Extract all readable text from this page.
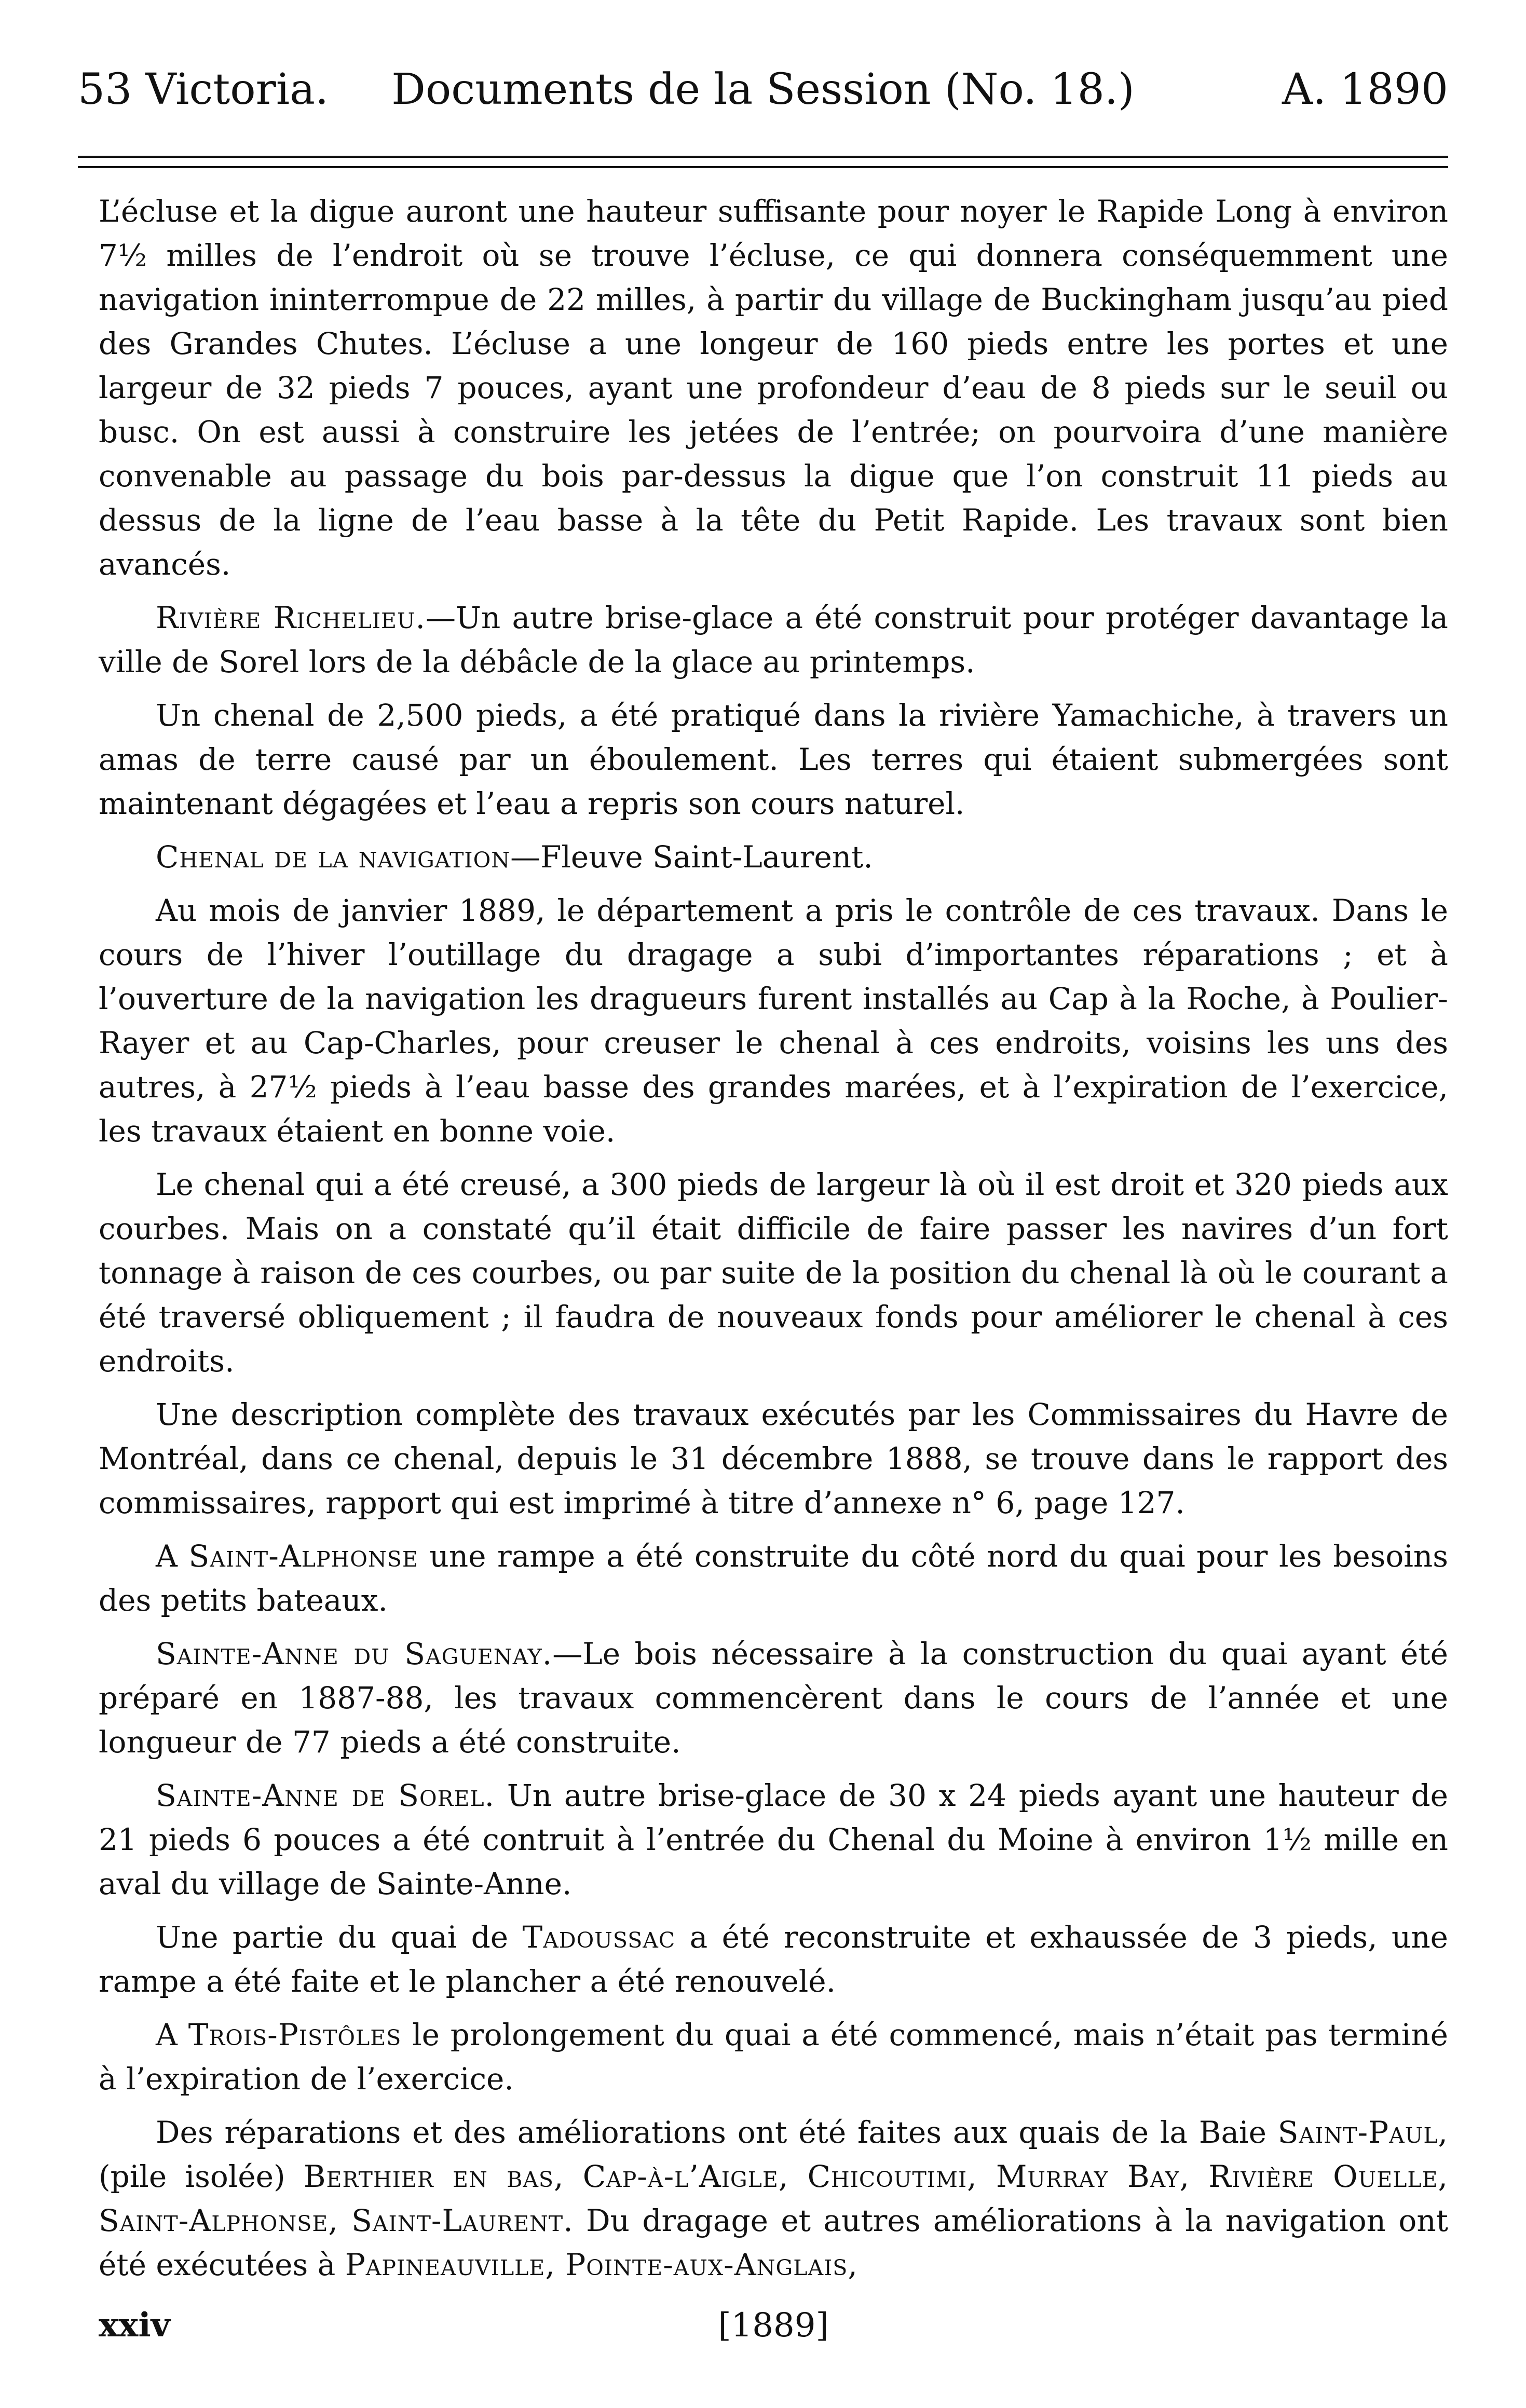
53 Victoria. Documents de la Session (No. 18.)	A. 1890

L’écluse et la digue auront une hauteur suffisante pour noyer le Rapide Long à environ 7½ milles de l’endroit où se trouve l’écluse, ce qui donnera conséquemment une navigation ininterrompue de 22 milles, à partir du village de Buckingham jusqu’au pied des Grandes Chutes. L’écluse a une longeur de 160 pieds entre les portes et une largeur de 32 pieds 7 pouces, ayant une profondeur d’eau de 8 pieds sur le seuil ou busc. On est aussi à construire les jetées de l’entrée; on pourvoira d’une manière convenable au passage du bois par-dessus la digue que l’on construit 11 pieds au dessus de la ligne de l’eau basse à la tête du Petit Rapide. Les travaux sont bien avancés.

Rivière Richelieu.—Un autre brise-glace a été construit pour protéger davantage la ville de Sorel lors de la débâcle de la glace au printemps.

Un chenal de 2,500 pieds, a été pratiqué dans la rivière Yamachiche, à travers un amas de terre causé par un éboulement. Les terres qui étaient submergées sont maintenant dégagées et l’eau a repris son cours naturel.

Chenal de la navigation—Fleuve Saint-Laurent.

Au mois de janvier 1889, le département a pris le contrôle de ces travaux. Dans le cours de l’hiver l’outillage du dragage a subi d’importantes réparations ; et à l’ouverture de la navigation les dragueurs furent installés au Cap à la Roche, à Poulier-Rayer et au Cap-Charles, pour creuser le chenal à ces endroits, voisins les uns des autres, à 27½ pieds à l’eau basse des grandes marées, et à l’expiration de l’exercice, les travaux étaient en bonne voie.

Le chenal qui a été creusé, a 300 pieds de largeur là où il est droit et 320 pieds aux courbes. Mais on a constaté qu’il était difficile de faire passer les navires d’un fort tonnage à raison de ces courbes, ou par suite de la position du chenal là où le courant a été traversé obliquement ; il faudra de nouveaux fonds pour améliorer le chenal à ces endroits.

Une description complète des travaux exécutés par les Commissaires du Havre de Montréal, dans ce chenal, depuis le 31 décembre 1888, se trouve dans le rapport des commissaires, rapport qui est imprimé à titre d’annexe n° 6, page 127.

A Saint-Alphonse une rampe a été construite du côté nord du quai pour les besoins des petits bateaux.

Sainte-Anne du Saguenay.—Le bois nécessaire à la construction du quai ayant été préparé en 1887-88, les travaux commencèrent dans le cours de l’année et une longueur de 77 pieds a été construite.

Sainte-Anne de Sorel. Un autre brise-glace de 30 x 24 pieds ayant une hauteur de 21 pieds 6 pouces a été contruit à l’entrée du Chenal du Moine à environ 1½ mille en aval du village de Sainte-Anne.

Une partie du quai de Tadoussac a été reconstruite et exhaussée de 3 pieds, une rampe a été faite et le plancher a été renouvelé.

A Trois-Pistôles le prolongement du quai a été commencé, mais n’était pas terminé à l’expiration de l’exercice.

Des réparations et des améliorations ont été faites aux quais de la Baie Saint-Paul, (pile isolée) Berthier en bas, Cap-à-l’Aigle, Chicoutimi, Murray Bay, Rivière Ouelle, Saint-Alphonse, Saint-Laurent. Du dragage et autres améliorations à la navigation ont été exécutées à Papineauville, Pointe-aux-Anglais,

xxiv	[1889]
